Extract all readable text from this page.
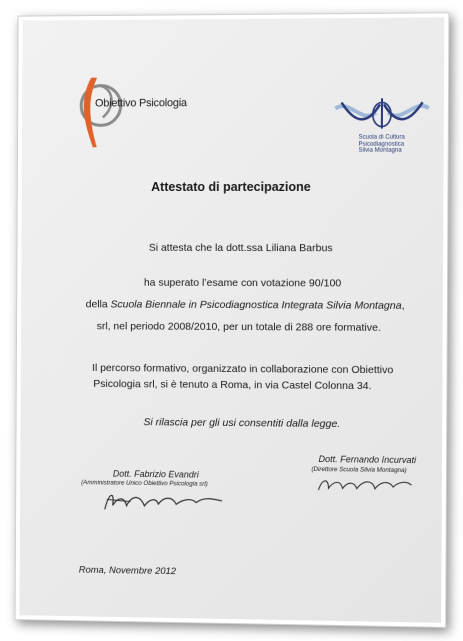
Obiettivo Psicologia
Scuola di Cultura
Psicodiagnostica
Silvia Montagna
Attestato di partecipazione
Si attesta che la dott.ssa Liliana Barbus
ha superato l’esame con votazione 90/100
della Scuola Biennale in Psicodiagnostica Integrata Silvia Montagna,
srl, nel periodo 2008/2010, per un totale di 288 ore formative.
Il percorso formativo, organizzato in collaborazione con Obiettivo
Psicologia srl, si è tenuto a Roma, in via Castel Colonna 34.
Si rilascia per gli usi consentiti dalla legge.
Dott. Fabrizio Evandri
(Amministratore Unico Obiettivo Psicologia srl)
Dott. Fernando Incurvati
(Direttore Scuola Silvia Montagna)
Roma, Novembre 2012
